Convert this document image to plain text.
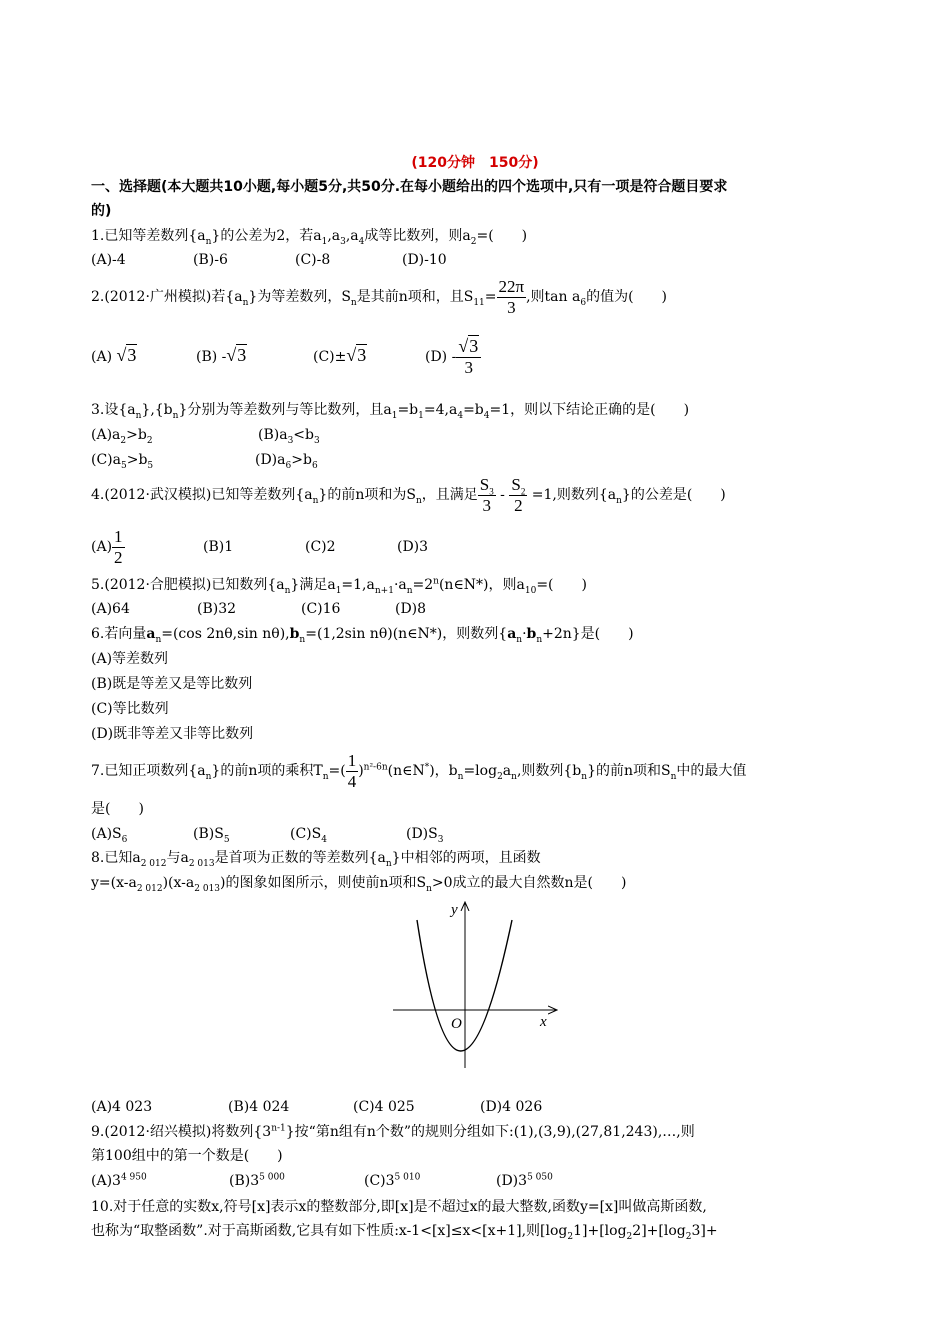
(120分钟　150分)
一、选择题(本大题共10小题,每小题5分,共50分.在每小题给出的四个选项中,只有一项是符合题目要求
的)
1.已知等差数列$\{a_n\}$的公差为2，若$a_1,a_3,a_4$成等比数列，则$a_2=$(　　)
(A)-4	(B)-6	(C)-8	(D)-10
2.(2012·广州模拟)若$\{a_n\}$为等差数列，$S_n$是其前n项和，且$S_{11}= \frac{22\pi}{3}$ ,则$\tan a_6$的值为(　　)
(A) √3	(B) -√3	(C)±√3	$(D) - \frac{√3}{3}$
3.设$\{a_n\},\{b_n\}$分别为等差数列与等比数列，且$a_1=b_1=4,a_4=b_4=1$，则以下结论正确的是(　　)
$(A)a_2>b_2$	$(B)a_3<b_3$
$(C)a_5>b_5$	$(D)a_6>b_6$
4.(2012·武汉模拟)已知等差数列$\{a_n\}$的前n项和为$S_n$，且满足 $\frac{S_3}{3} - \frac{S_2}{2} =1$,则数列$\{a_n\}$的公差是(　　)
$(A) \frac{1}{2}$	(B)1	(C)2	(D)3
5.(2012·合肥模拟)已知数列$\{a_n\}$满足$a_1=1,a_{n+1}\cdot a_n=2^n(n\in N*)$，则$a_{10}=$(　　)
(A)64	(B)32	(C)16	(D)8
6.若向量$a_n=(\cos$ 2nθ,sin $n\theta),b_n=(1,2\sin$ nθ)(n∈N*)，则数列$\{a_n\cdot b_n+2n\}$是(　　)
(A)等差数列
(B)既是等差又是等比数列
(C)等比数列
(D)既非等差又非等比数列
7.已知正项数列$\{a_n\}$的前n项的乘积$T_n=( \frac{1}{4}$ )$^{n^2-6n}(n\in N^*)$，$b_n=\log_2a_n$,则数列$\{b_n\}$的前n项和$S_n$中的最大值
是(　　)
$(A)S_6$	$(B)S_5$	$(C)S_4$	$(D)S_3$
8.已知$a_{2 012}$与$a_{2 013}$是首项为正数的等差数列$\{a_n\}$中相邻的两项，且函数
$y=(x-a_{2 012})(x-a_{2 013})$的图象如图所示，则使前n项和$S_n>0$成立的最大自然数n是(　　)
y
x
O
(A)4 023	(B)4 024	(C)4 025	(D)4 026
9.(2012·绍兴模拟)将数列{3$^{n-1}$}按“第n组有n个数”的规则分组如下:(1),(3,9),(27,81,243),…,则
第100组中的第一个数是(　　)
$(A)3^{4 950}$	$(B)3^{5 000}$	$(C)3^{5 010}$	$(D)3^{5 050}$
10.对于任意的实数x,符号[x]表示x的整数部分,即[x]是不超过x的最大整数,函数y=[x]叫做高斯函数,
也称为“取整函数”.对于高斯函数,它具有如下性质:x-1<[x]≤x<[x+1],则$[\log_21]+[\log_22]+[\log_23]+$
